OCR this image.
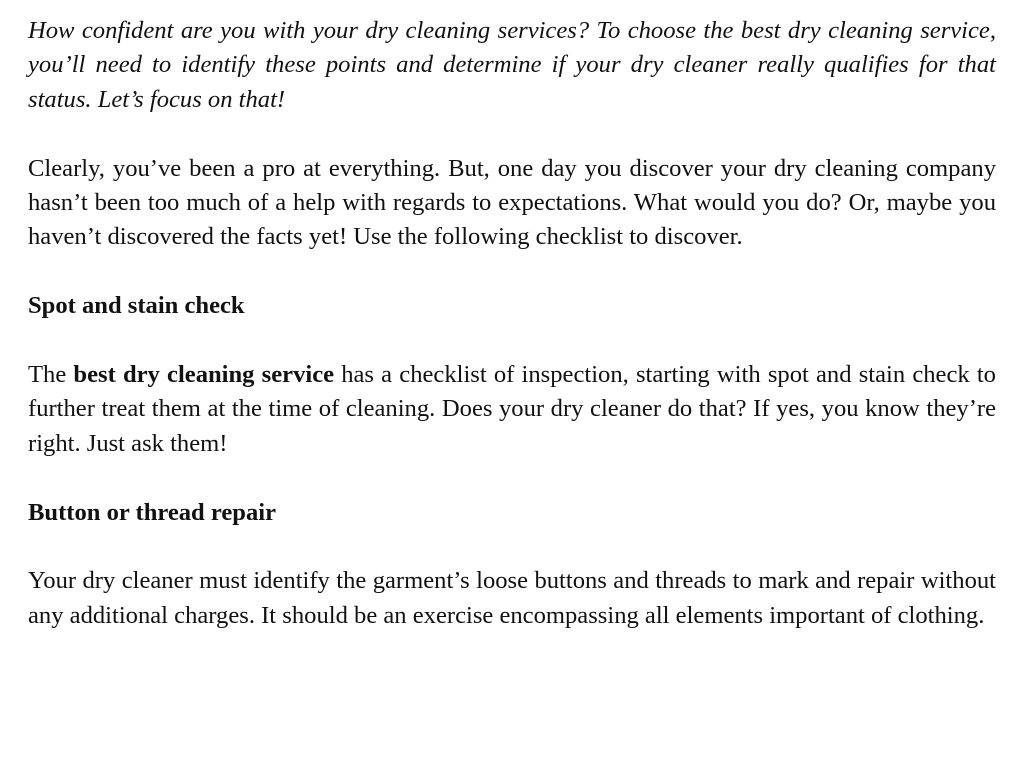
How confident are you with your dry cleaning services? To choose the best dry cleaning service, you’ll need to identify these points and determine if your dry cleaner really qualifies for that status. Let’s focus on that!

Clearly, you’ve been a pro at everything. But, one day you discover your dry cleaning company hasn’t been too much of a help with regards to expectations. What would you do? Or, maybe you haven’t discovered the facts yet! Use the following checklist to discover.

Spot and stain check

The best dry cleaning service has a checklist of inspection, starting with spot and stain check to further treat them at the time of cleaning. Does your dry cleaner do that? If yes, you know they’re right. Just ask them!

Button or thread repair

Your dry cleaner must identify the garment’s loose buttons and threads to mark and repair without any additional charges. It should be an exercise encompassing all elements important of clothing.
